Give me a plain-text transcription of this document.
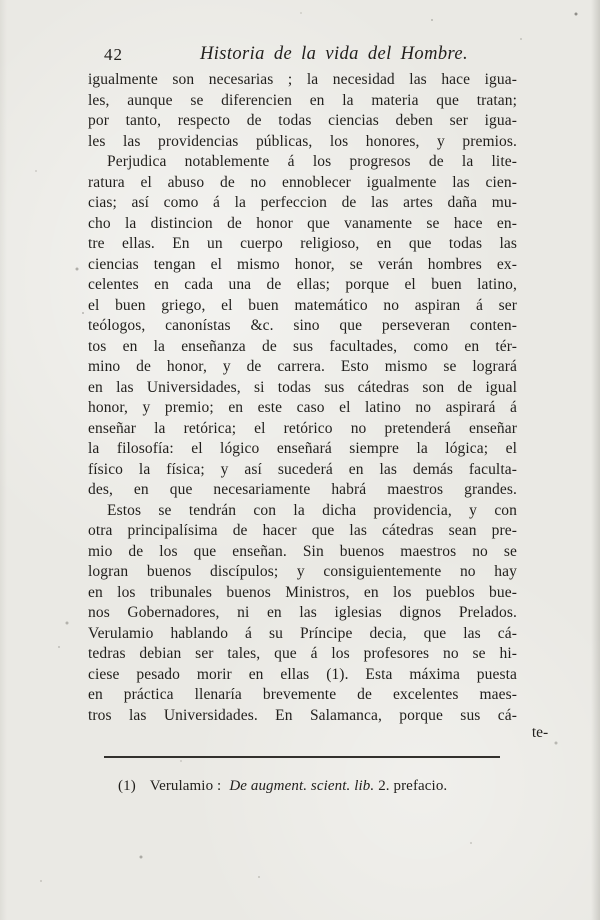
42	Historia de la vida del Hombre.
igualmente son necesarias ; la necesidad las hace igua-
les, aunque se diferencien en la materia que tratan;
por tanto, respecto de todas ciencias deben ser igua-
les las providencias públicas, los honores, y premios.
Perjudica notablemente á los progresos de la lite-
ratura el abuso de no ennoblecer igualmente las cien-
cias; así como á la perfeccion de las artes daña mu-
cho la distincion de honor que vanamente se hace en-
tre ellas. En un cuerpo religioso, en que todas las
ciencias tengan el mismo honor, se verán hombres ex-
celentes en cada una de ellas; porque el buen latino,
el buen griego, el buen matemático no aspiran á ser
teólogos, canonístas &c. sino que perseveran conten-
tos en la enseñanza de sus facultades, como en tér-
mino de honor, y de carrera. Esto mismo se logrará
en las Universidades, si todas sus cátedras son de igual
honor, y premio; en este caso el latino no aspirará á
enseñar la retórica; el retórico no pretenderá enseñar
la filosofía: el lógico enseñará siempre la lógica; el
físico la física; y así sucederá en las demás faculta-
des, en que necesariamente habrá maestros grandes.
Estos se tendrán con la dicha providencia, y con
otra principalísima de hacer que las cátedras sean pre-
mio de los que enseñan. Sin buenos maestros no se
logran buenos discípulos; y consiguientemente no hay
en los tribunales buenos Ministros, en los pueblos bue-
nos Gobernadores, ni en las iglesias dignos Prelados.
Verulamio hablando á su Príncipe decia, que las cá-
tedras debian ser tales, que á los profesores no se hi-
ciese pesado morir en ellas (1). Esta máxima puesta
en práctica llenaría brevemente de excelentes maes-
tros las Universidades. En Salamanca, porque sus cá-
te-
(1) Verulamio : De augment. scient. lib. 2. prefacio.
